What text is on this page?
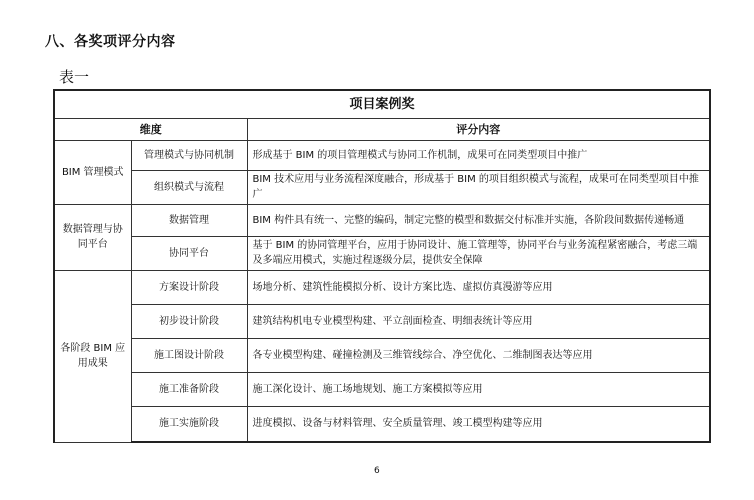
八、各奖项评分内容
表一
项目案例奖		
维度		评分内容
BIM 管理模式	管理模式与协同机制	形成基于 BIM 的项目管理模式与协同工作机制，成果可在同类型项目中推广
	组织模式与流程	BIM 技术应用与业务流程深度融合，形成基于 BIM 的项目组织模式与流程，成果可在同类型项目中推广
数据管理与协同平台	数据管理	BIM 构件具有统一、完整的编码，制定完整的模型和数据交付标准并实施，各阶段间数据传递畅通
	协同平台	基于 BIM 的协同管理平台，应用于协同设计、施工管理等，协同平台与业务流程紧密融合，考虑三端及多端应用模式，实施过程逐级分层，提供安全保障
各阶段 BIM 应用成果	方案设计阶段	场地分析、建筑性能模拟分析、设计方案比选、虚拟仿真漫游等应用
	初步设计阶段	建筑结构机电专业模型构建、平立剖面检查、明细表统计等应用
	施工图设计阶段	各专业模型构建、碰撞检测及三维管线综合、净空优化、二维制图表达等应用
	施工准备阶段	施工深化设计、施工场地规划、施工方案模拟等应用
	施工实施阶段	进度模拟、设备与材料管理、安全质量管理、竣工模型构建等应用
6
